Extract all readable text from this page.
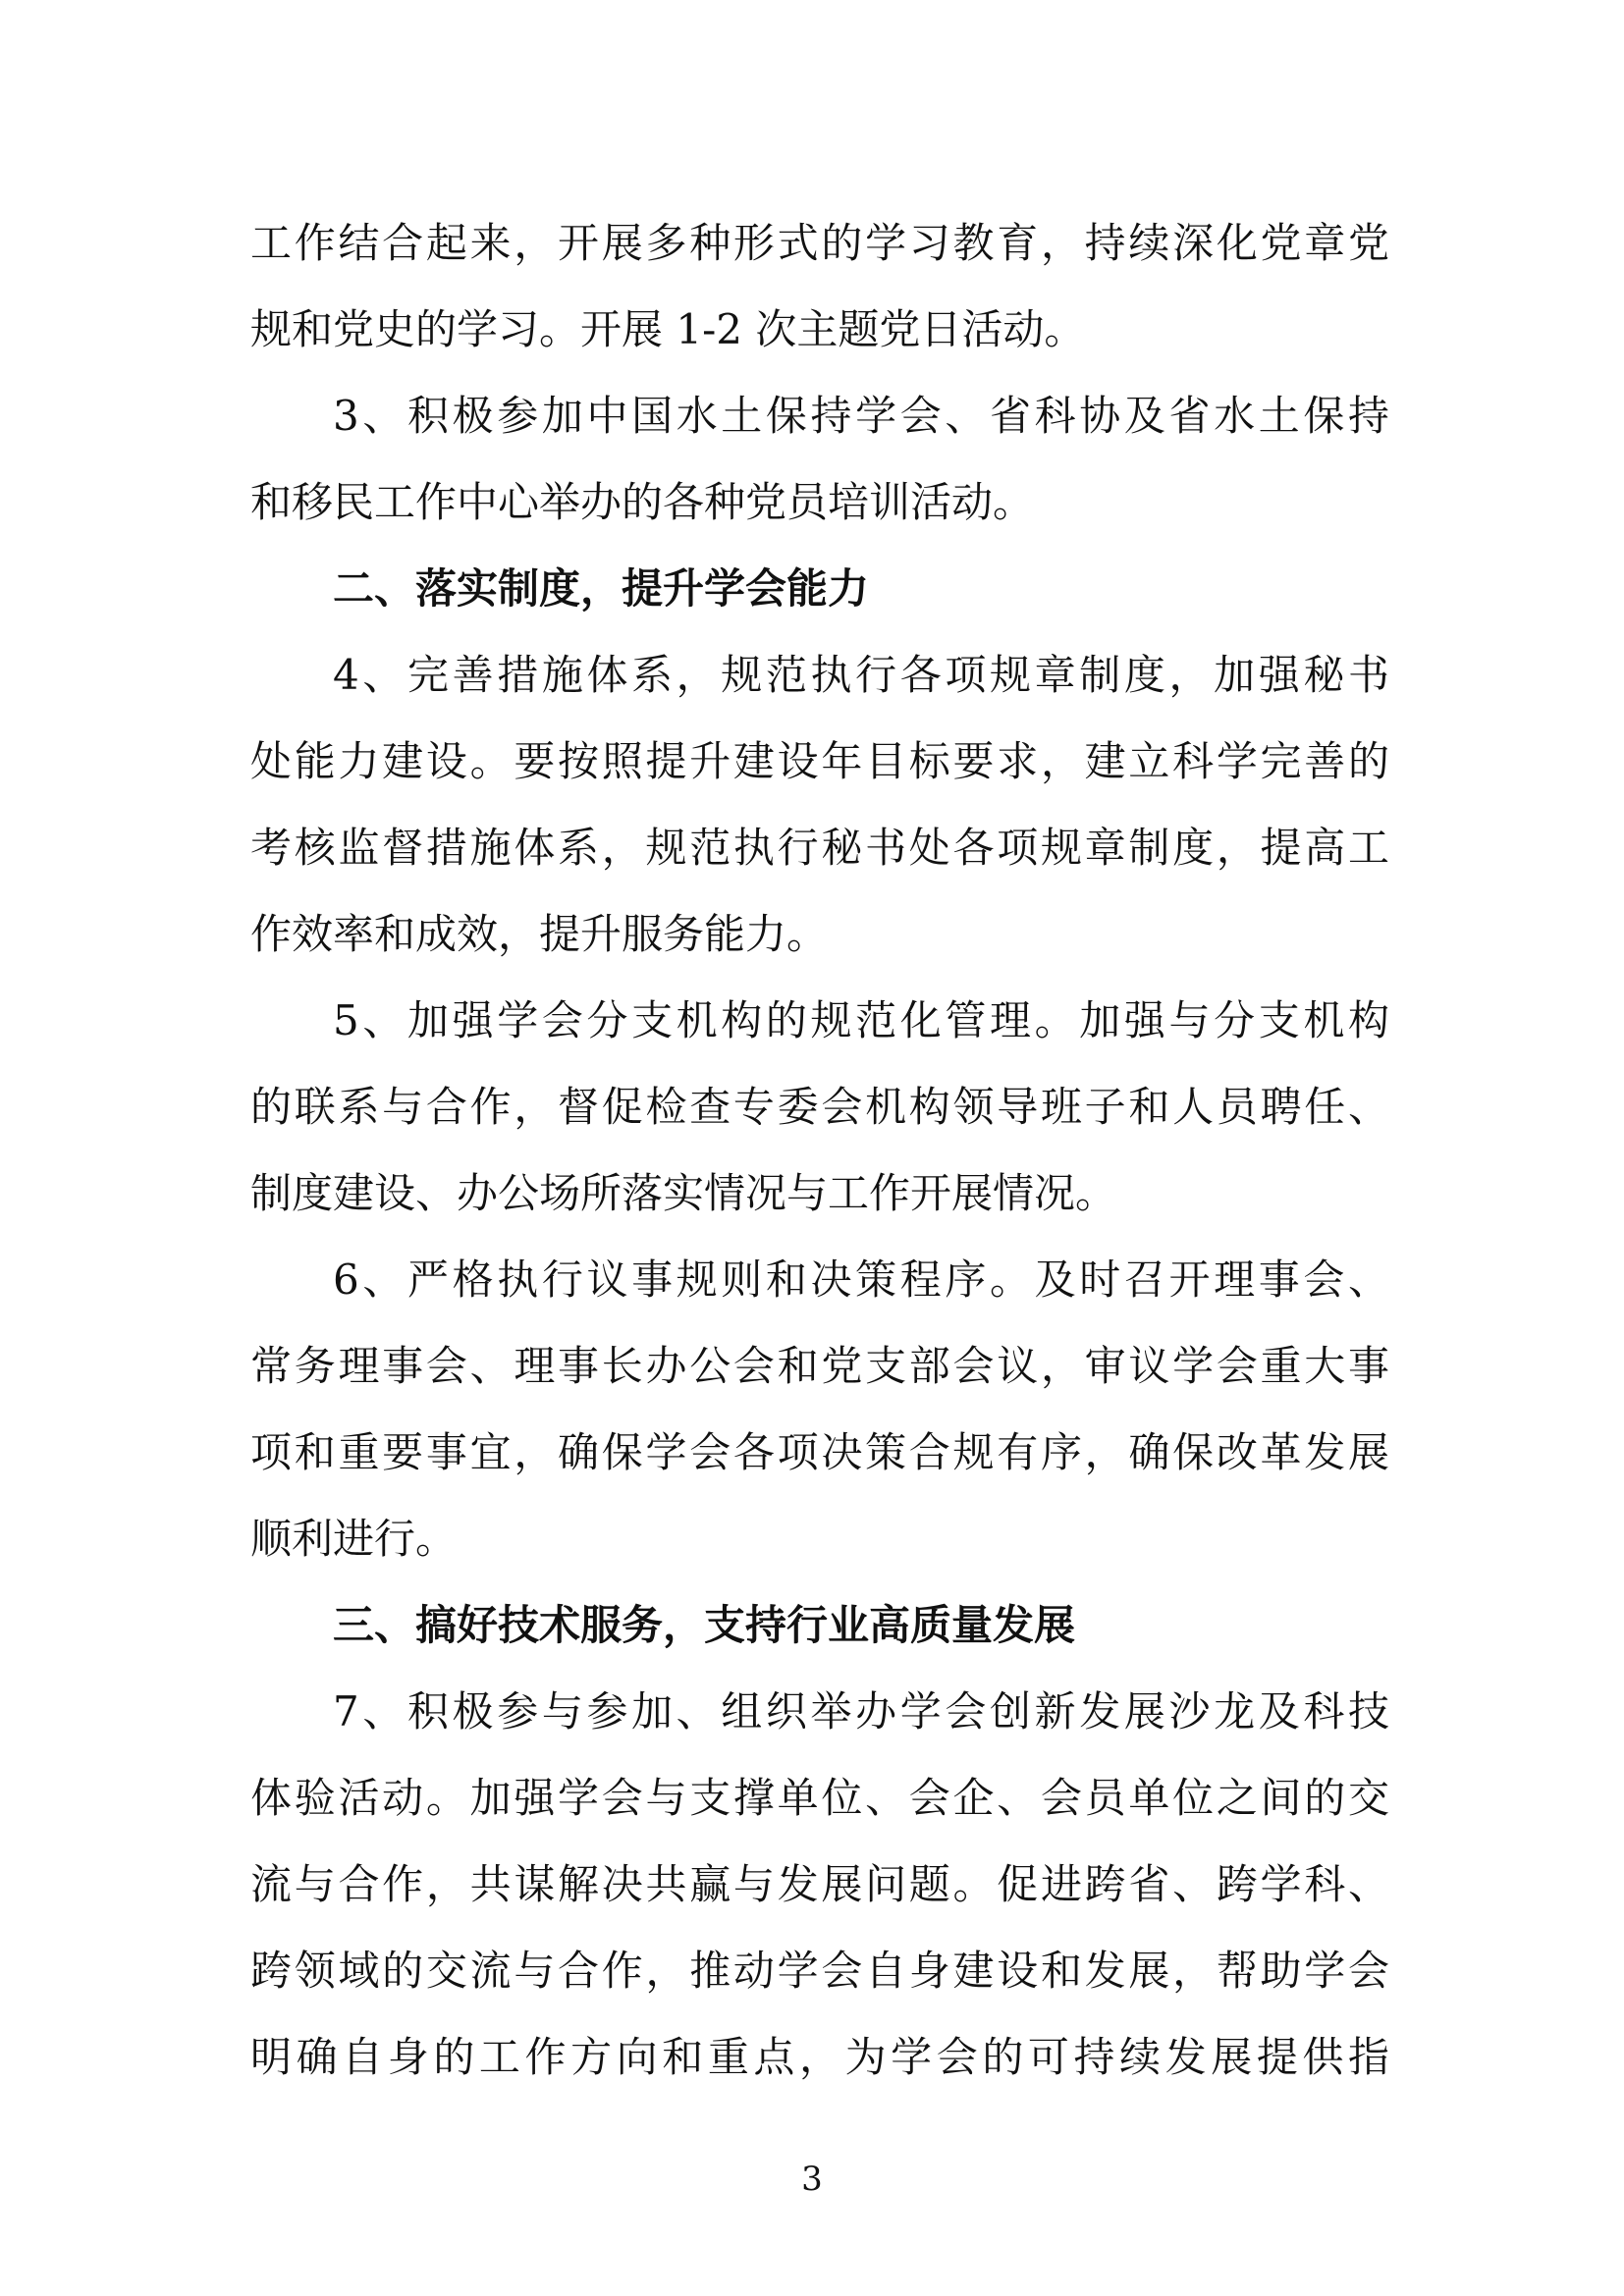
工作结合起来，开展多种形式的学习教育，持续深化党章党
规和党史的学习。开展 1-2 次主题党日活动。
3、积极参加中国水土保持学会、省科协及省水土保持
和移民工作中心举办的各种党员培训活动。
二、落实制度，提升学会能力
4、完善措施体系，规范执行各项规章制度，加强秘书
处能力建设。要按照提升建设年目标要求，建立科学完善的
考核监督措施体系，规范执行秘书处各项规章制度，提高工
作效率和成效，提升服务能力。
5、加强学会分支机构的规范化管理。加强与分支机构
的联系与合作，督促检查专委会机构领导班子和人员聘任、
制度建设、办公场所落实情况与工作开展情况。
6、严格执行议事规则和决策程序。及时召开理事会、
常务理事会、理事长办公会和党支部会议，审议学会重大事
项和重要事宜，确保学会各项决策合规有序，确保改革发展
顺利进行。
三、搞好技术服务，支持行业高质量发展
7、积极参与参加、组织举办学会创新发展沙龙及科技
体验活动。加强学会与支撑单位、会企、会员单位之间的交
流与合作，共谋解决共赢与发展问题。促进跨省、跨学科、
跨领域的交流与合作，推动学会自身建设和发展，帮助学会
明确自身的工作方向和重点，为学会的可持续发展提供指
3
